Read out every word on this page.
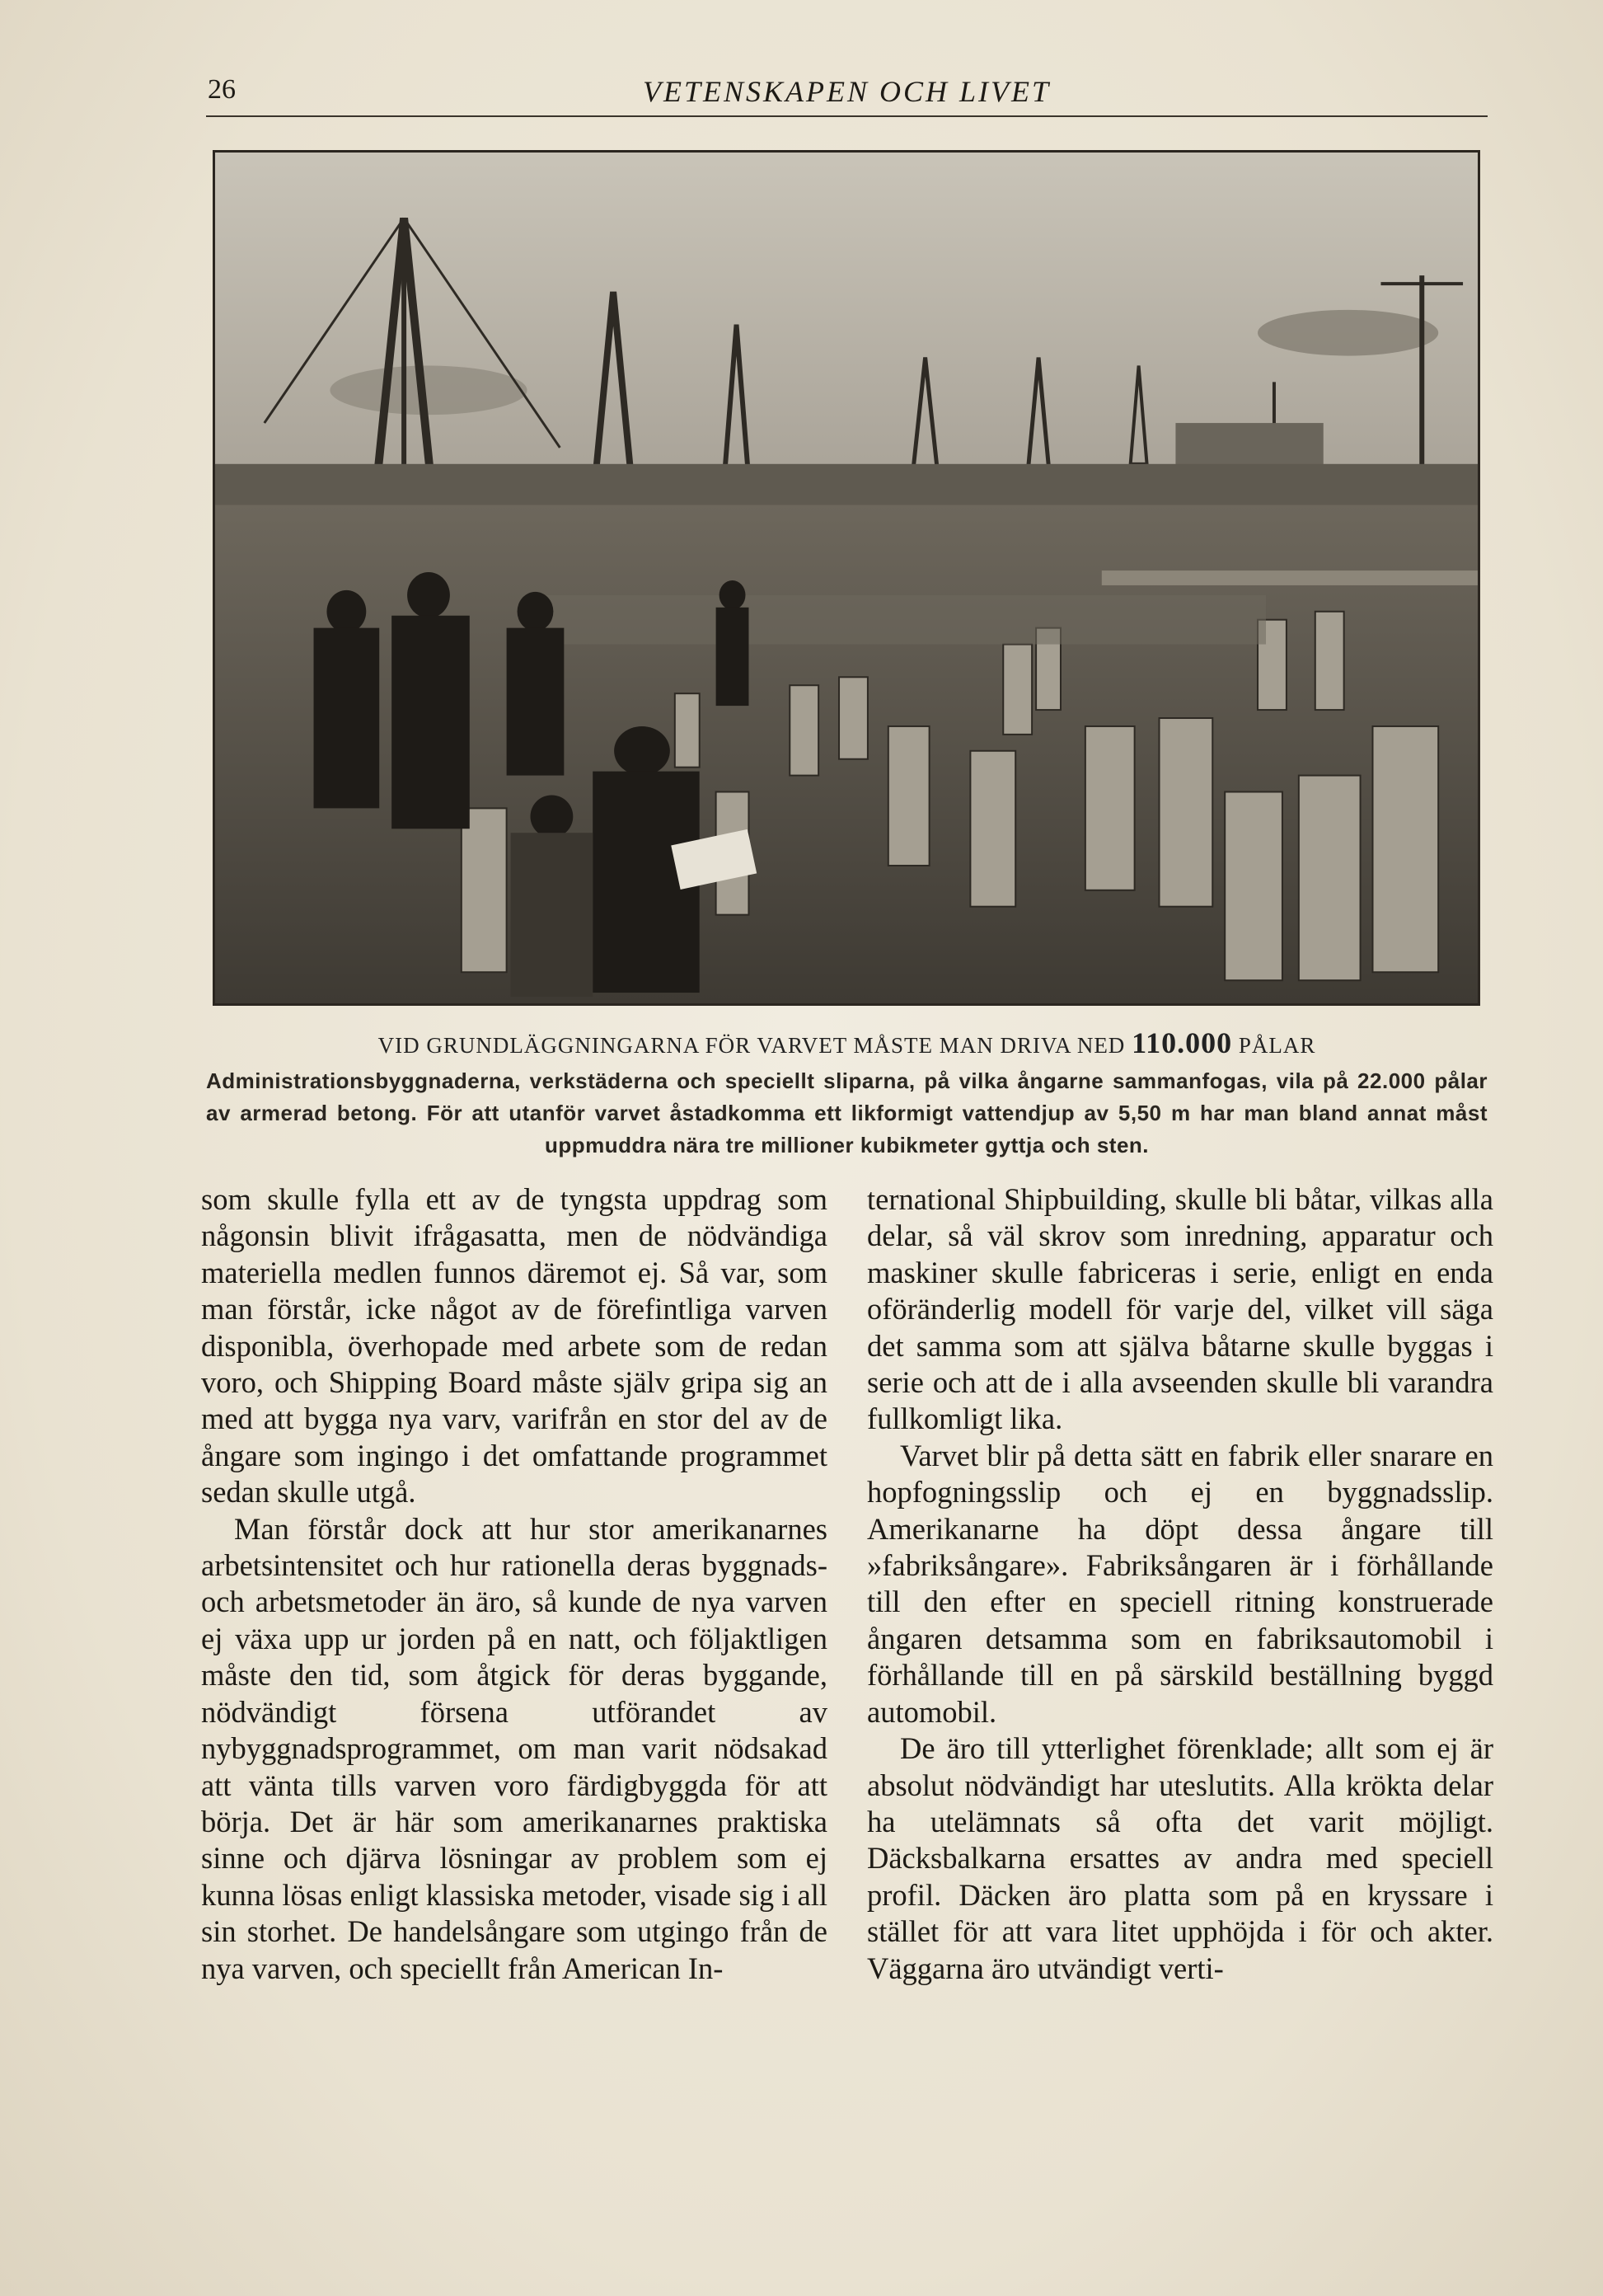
26	VETENSKAPEN OCH LIVET
VID GRUNDLÄGGNINGARNA FÖR VARVET MÅSTE MAN DRIVA NED 110.000 PÅLAR
Administrationsbyggnaderna, verkstäderna och speciellt sliparna, på vilka ångarne sammanfogas, vila på 22.000 pålar av armerad betong. För att utanför varvet åstadkomma ett likformigt vattendjup av 5,50 m har man bland annat måst uppmuddra nära tre millioner kubikmeter gyttja och sten.

som skulle fylla ett av de tyngsta uppdrag som någonsin blivit ifrågasatta, men de nödvändiga materiella medlen funnos däremot ej. Så var, som man förstår, icke något av de förefintliga varven disponibla, överhopade med arbete som de redan voro, och Shipping Board måste själv gripa sig an med att bygga nya varv, varifrån en stor del av de ångare som ingingo i det omfattande programmet sedan skulle utgå.

Man förstår dock att hur stor amerikanarnes arbetsintensitet och hur rationella deras byggnads- och arbetsmetoder än äro, så kunde de nya varven ej växa upp ur jorden på en natt, och följaktligen måste den tid, som åtgick för deras byggande, nödvändigt försena utförandet av nybyggnadsprogrammet, om man varit nödsakad att vänta tills varven voro färdigbyggda för att börja. Det är här som amerikanarnes praktiska sinne och djärva lösningar av problem som ej kunna lösas enligt klassiska metoder, visade sig i all sin storhet. De handelsångare som utgingo från de nya varven, och speciellt från American In-

ternational Shipbuilding, skulle bli båtar, vilkas alla delar, så väl skrov som inredning, apparatur och maskiner skulle fabriceras i serie, enligt en enda oföränderlig modell för varje del, vilket vill säga det samma som att själva båtarne skulle byggas i serie och att de i alla avseenden skulle bli varandra fullkomligt lika.

Varvet blir på detta sätt en fabrik eller snarare en hopfogningsslip och ej en byggnadsslip. Amerikanarne ha döpt dessa ångare till »fabriksångare». Fabriksångaren är i förhållande till den efter en speciell ritning konstruerade ångaren detsamma som en fabriksautomobil i förhållande till en på särskild beställning byggd automobil.

De äro till ytterlighet förenklade; allt som ej är absolut nödvändigt har uteslutits. Alla krökta delar ha utelämnats så ofta det varit möjligt. Däcksbalkarna ersattes av andra med speciell profil. Däcken äro platta som på en kryssare i stället för att vara litet upphöjda i för och akter. Väggarna äro utvändigt verti-
